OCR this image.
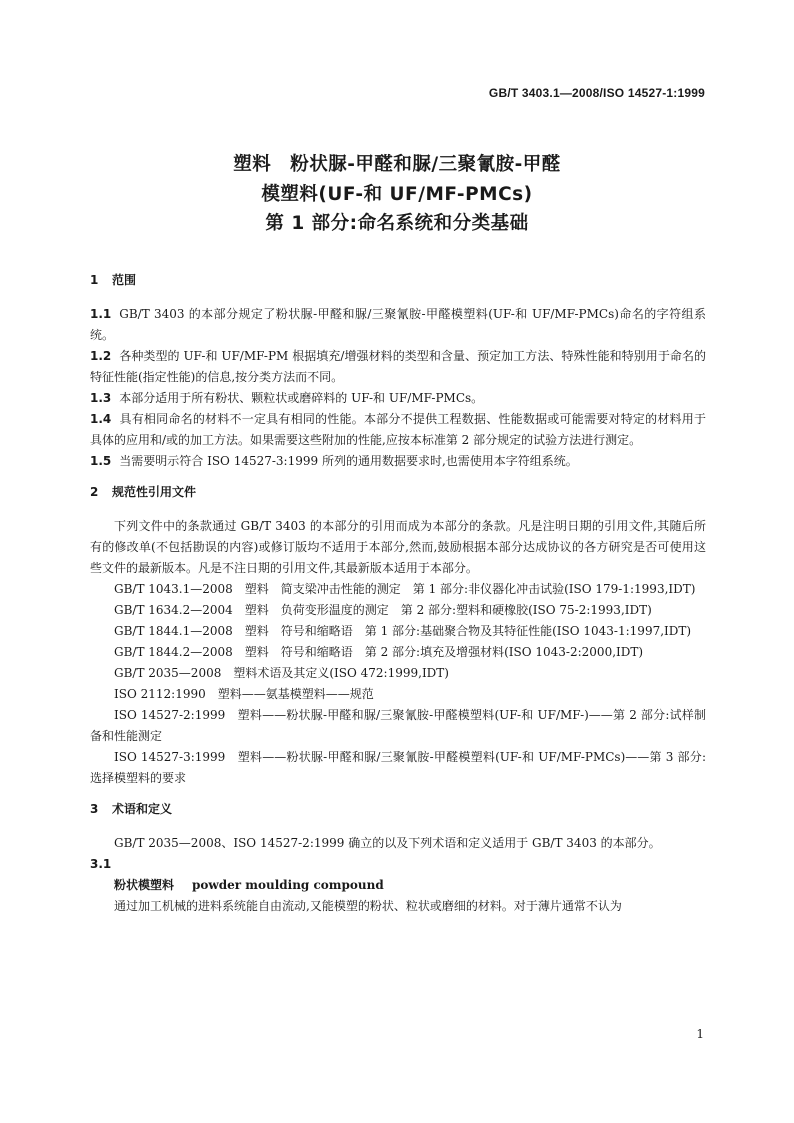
GB/T 3403.1—2008/ISO 14527-1:1999
塑料　粉状脲-甲醛和脲/三聚氰胺-甲醛
模塑料(UF-和 UF/MF-PMCs)
第 1 部分:命名系统和分类基础
1 范围

1.1 GB/T 3403 的本部分规定了粉状脲-甲醛和脲/三聚氰胺-甲醛模塑料(UF-和 UF/MF-PMCs)命名的字符组系统。

1.2 各种类型的 UF-和 UF/MF-PM 根据填充/增强材料的类型和含量、预定加工方法、特殊性能和特别用于命名的特征性能(指定性能)的信息,按分类方法而不同。

1.3 本部分适用于所有粉状、颗粒状或磨碎料的 UF-和 UF/MF-PMCs。

1.4 具有相同命名的材料不一定具有相同的性能。本部分不提供工程数据、性能数据或可能需要对特定的材料用于具体的应用和/或的加工方法。如果需要这些附加的性能,应按本标准第 2 部分规定的试验方法进行测定。

1.5 当需要明示符合 ISO 14527-3:1999 所列的通用数据要求时,也需使用本字符组系统。

2 规范性引用文件

下列文件中的条款通过 GB/T 3403 的本部分的引用而成为本部分的条款。凡是注明日期的引用文件,其随后所有的修改单(不包括勘误的内容)或修订版均不适用于本部分,然而,鼓励根据本部分达成协议的各方研究是否可使用这些文件的最新版本。凡是不注日期的引用文件,其最新版本适用于本部分。

GB/T 1043.1—2008　塑料　简支梁冲击性能的测定　第 1 部分:非仪器化冲击试验(ISO 179-1:1993,IDT)

GB/T 1634.2—2004　塑料　负荷变形温度的测定　第 2 部分:塑料和硬橡胶(ISO 75-2:1993,IDT)

GB/T 1844.1—2008　塑料　符号和缩略语　第 1 部分:基础聚合物及其特征性能(ISO 1043-1:1997,IDT)

GB/T 1844.2—2008　塑料　符号和缩略语　第 2 部分:填充及增强材料(ISO 1043-2:2000,IDT)

GB/T 2035—2008　塑料术语及其定义(ISO 472:1999,IDT)

ISO 2112:1990　塑料——氨基模塑料——规范

ISO 14527-2:1999　塑料——粉状脲-甲醛和脲/三聚氰胺-甲醛模塑料(UF-和 UF/MF-)——第 2 部分:试样制备和性能测定

ISO 14527-3:1999　塑料——粉状脲-甲醛和脲/三聚氰胺-甲醛模塑料(UF-和 UF/MF-PMCs)——第 3 部分:选择模塑料的要求

3 术语和定义

GB/T 2035—2008、ISO 14527-2:1999 确立的以及下列术语和定义适用于 GB/T 3403 的本部分。

3.1

粉状模塑料 powder moulding compound

通过加工机械的进料系统能自由流动,又能模塑的粉状、粒状或磨细的材料。对于薄片通常不认为

1
